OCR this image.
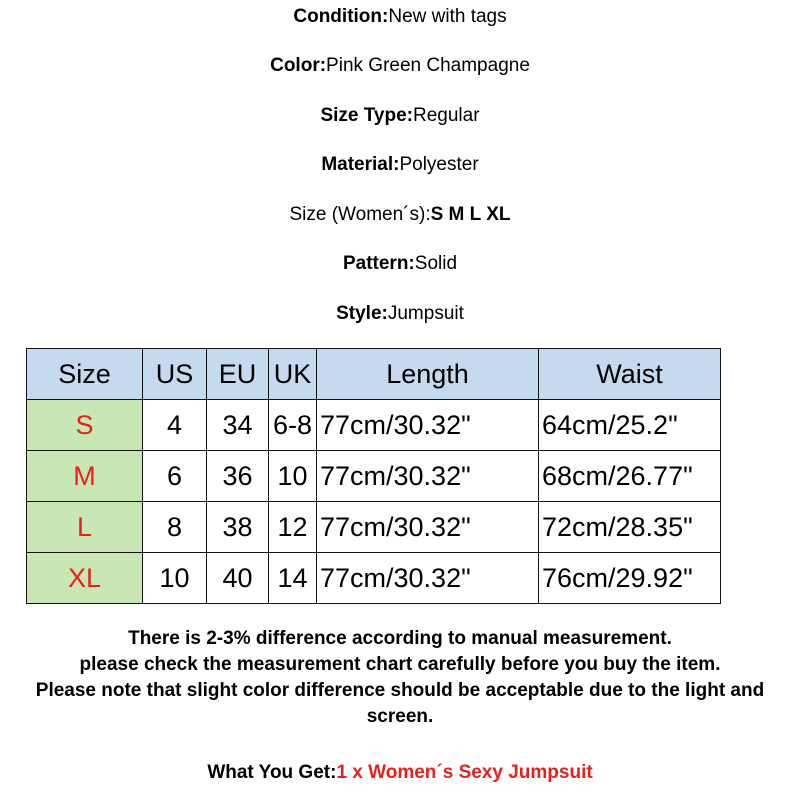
Condition:New with tags
Color:Pink Green Champagne
Size Type:Regular
Material:Polyester
Size (Women´s):S M L XL
Pattern:Solid
Style:Jumpsuit
Size	US	EU	UK	Length	Waist
S	4	34	6-8	77cm/30.32"	64cm/25.2"
M	6	36	10	77cm/30.32"	68cm/26.77"
L	8	38	12	77cm/30.32"	72cm/28.35"
XL	10	40	14	77cm/30.32"	76cm/29.92"
There is 2-3% difference according to manual measurement.
please check the measurement chart carefully before you buy the item.
Please note that slight color difference should be acceptable due to the light and
screen.
What You Get:1 x Women´s Sexy Jumpsuit
